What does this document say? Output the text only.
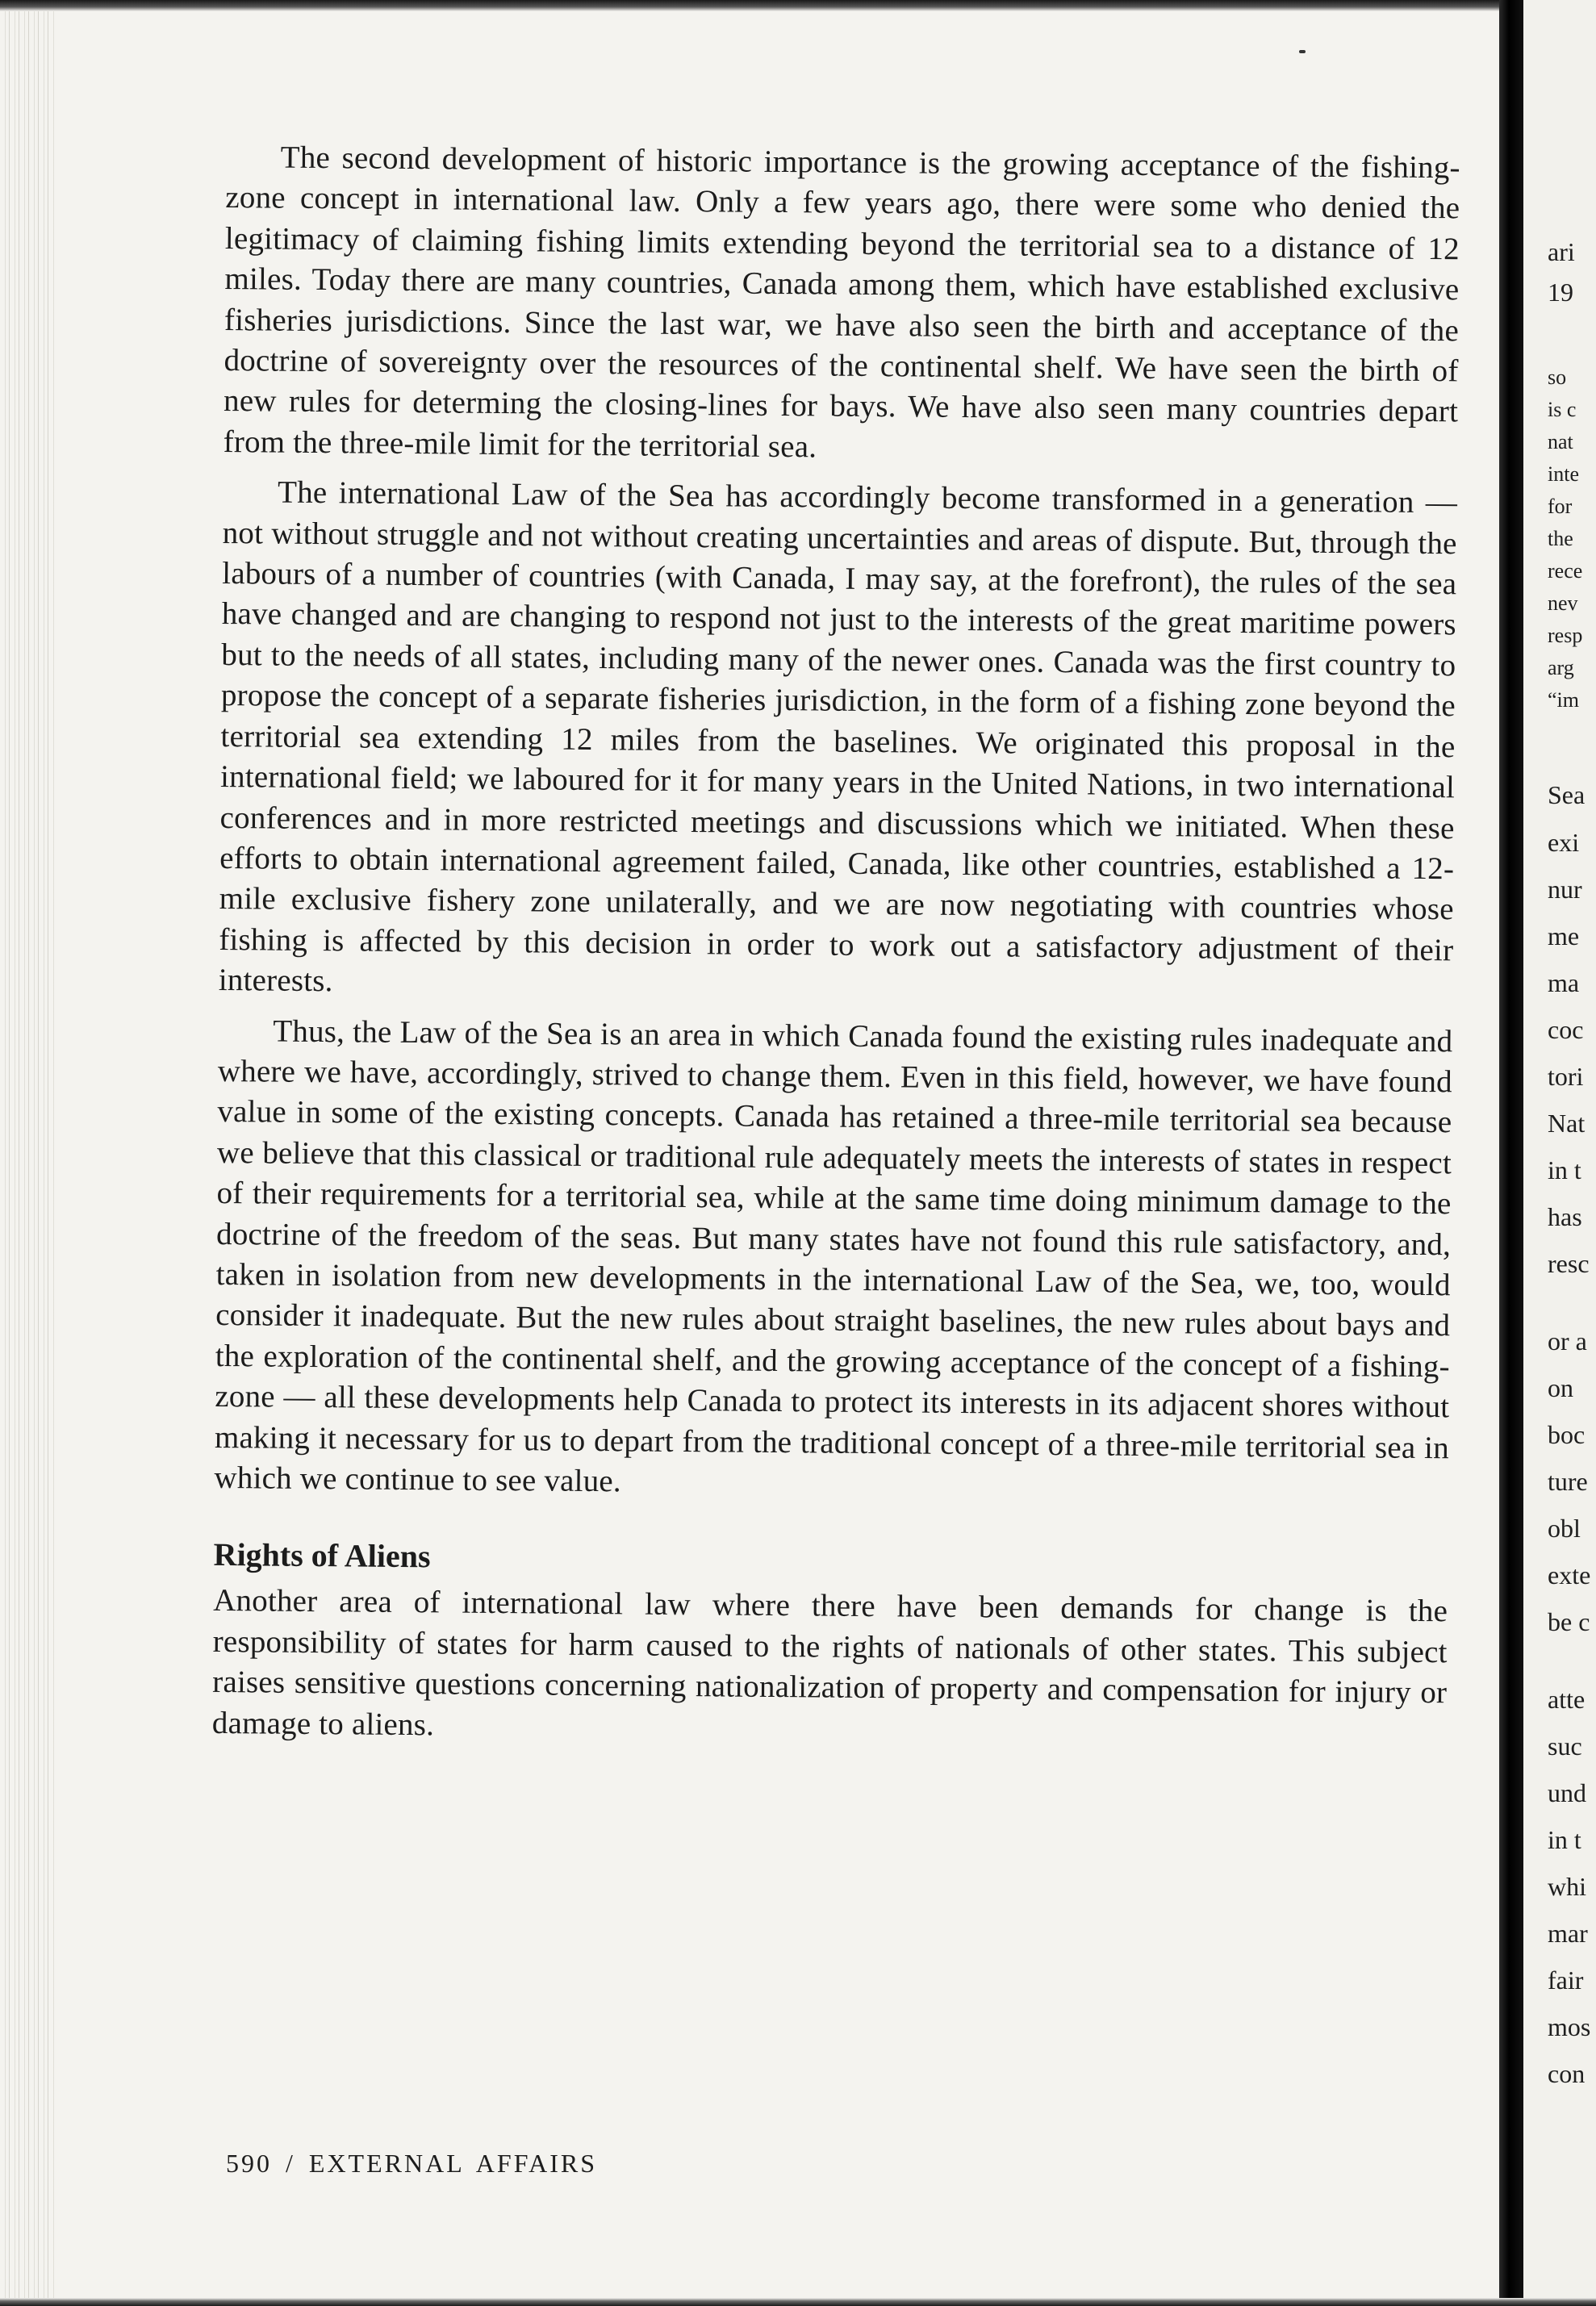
The second development of historic importance is the growing acceptance of the fishing-zone concept in international law. Only a few years ago, there were some who denied the legitimacy of claiming fishing limits extending beyond the territorial sea to a distance of 12 miles. Today there are many countries, Canada among them, which have established exclusive fisheries jurisdictions. Since the last war, we have also seen the birth and acceptance of the doctrine of sovereignty over the resources of the continental shelf. We have seen the birth of new rules for determing the closing-lines for bays. We have also seen many countries depart from the three-mile limit for the territorial sea.

The international Law of the Sea has accordingly become transformed in a generation — not without struggle and not without creating uncertainties and areas of dispute. But, through the labours of a number of countries (with Canada, I may say, at the forefront), the rules of the sea have changed and are changing to respond not just to the interests of the great maritime powers but to the needs of all states, including many of the newer ones. Canada was the first country to propose the concept of a separate fisheries jurisdiction, in the form of a fishing zone beyond the territorial sea extending 12 miles from the baselines. We originated this proposal in the international field; we laboured for it for many years in the United Nations, in two international conferences and in more restricted meetings and discussions which we initiated. When these efforts to obtain international agreement failed, Canada, like other countries, established a 12-mile exclusive fishery zone unilaterally, and we are now negotiating with countries whose fishing is affected by this decision in order to work out a satisfactory adjustment of their interests.

Thus, the Law of the Sea is an area in which Canada found the existing rules inadequate and where we have, accordingly, strived to change them. Even in this field, however, we have found value in some of the existing concepts. Canada has retained a three-mile territorial sea because we believe that this classical or traditional rule adequately meets the interests of states in respect of their requirements for a territorial sea, while at the same time doing minimum damage to the doctrine of the freedom of the seas. But many states have not found this rule satisfactory, and, taken in isolation from new developments in the international Law of the Sea, we, too, would consider it inadequate. But the new rules about straight baselines, the new rules about bays and the exploration of the continental shelf, and the growing acceptance of the concept of a fishing-zone — all these developments help Canada to protect its interests in its adjacent shores without making it necessary for us to depart from the traditional concept of a three-mile territorial sea in which we continue to see value.

Rights of Aliens

Another area of international law where there have been demands for change is the responsibility of states for harm caused to the rights of nationals of other states. This subject raises sensitive questions concerning nationalization of property and compensation for injury or damage to aliens.

590 / EXTERNAL AFFAIRS

ari

19

so

is c

nat

inte

for

the

rece

nev

resp

arg

“im

Sea

exi

nur

me

ma

coc

tori

Nat

in t

has

resc

or a

on

boc

ture

obl

exte

be c

atte

suc

und

in t

whi

mar

fair

mos

con
